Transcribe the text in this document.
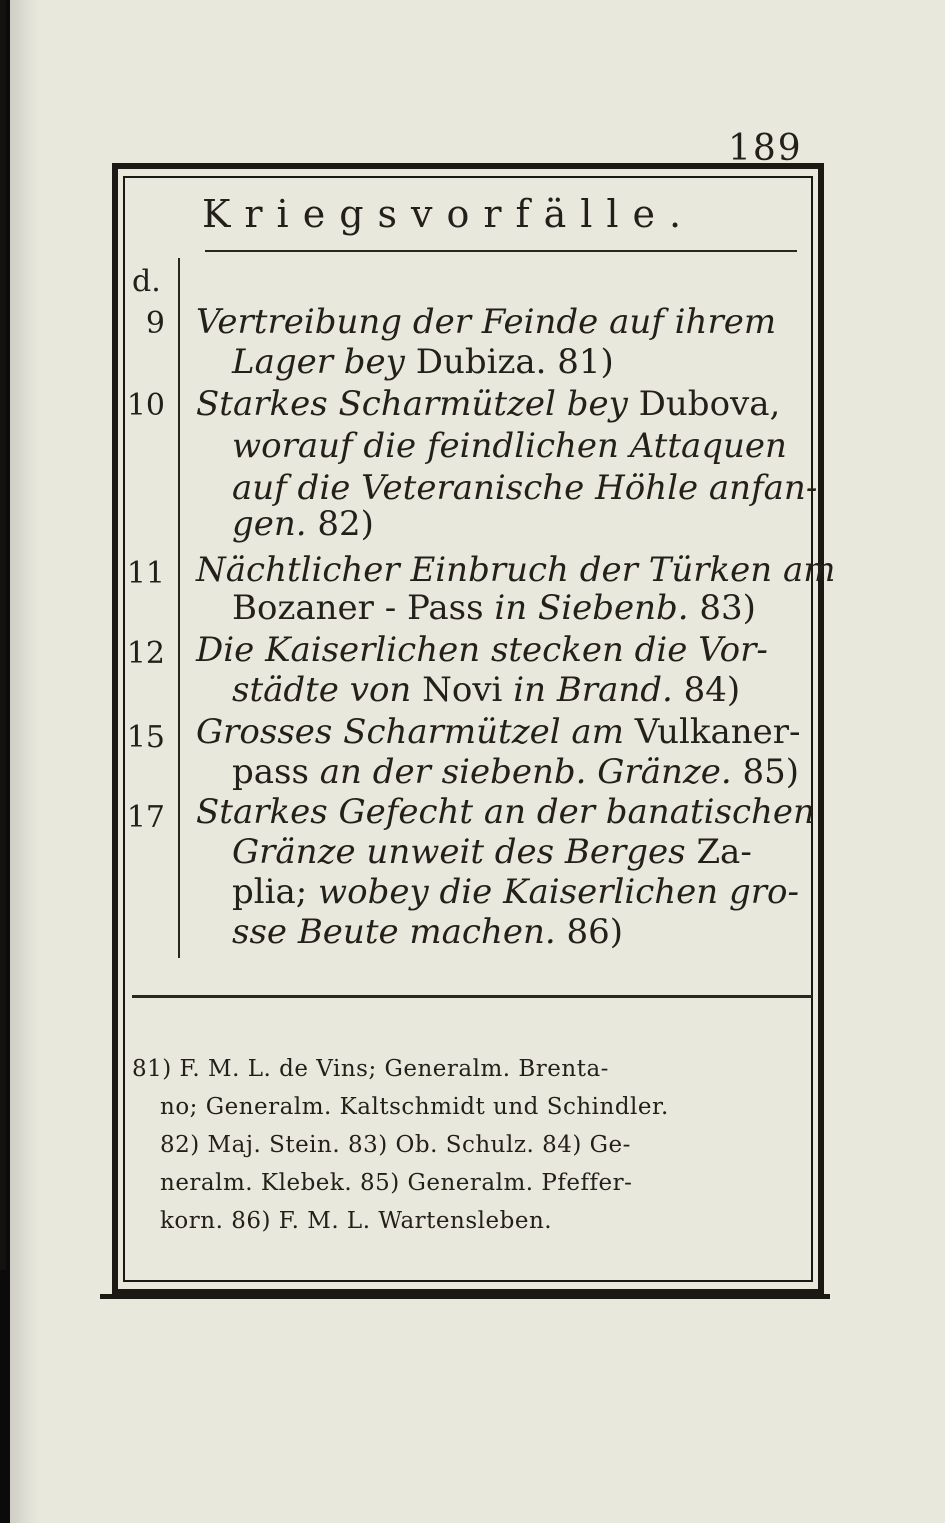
189
Kriegsvorfälle.
d.
9 Vertreibung der Feinde auf ihrem
Lager bey Dubiza. 81)
10 Starkes Scharmützel bey Dubova,
worauf die feindlichen Attaquen
auf die Veteranische Höhle anfan-
gen. 82)
11 Nächtlicher Einbruch der Türken am
Bozaner - Pass in Siebenb. 83)
12 Die Kaiserlichen stecken die Vor-
städte von Novi in Brand. 84)
15 Grosses Scharmützel am Vulkaner-
pass an der siebenb. Gränze. 85)
17 Starkes Gefecht an der banatischen
Gränze unweit des Berges Za-
plia; wobey die Kaiserlichen gro-
sse Beute machen. 86)
81) F. M. L. de Vins; Generalm. Brenta-
no; Generalm. Kaltschmidt und Schindler.
82) Maj. Stein. 83) Ob. Schulz. 84) Ge-
neralm. Klebek. 85) Generalm. Pfeffer-
korn. 86) F. M. L. Wartensleben.
